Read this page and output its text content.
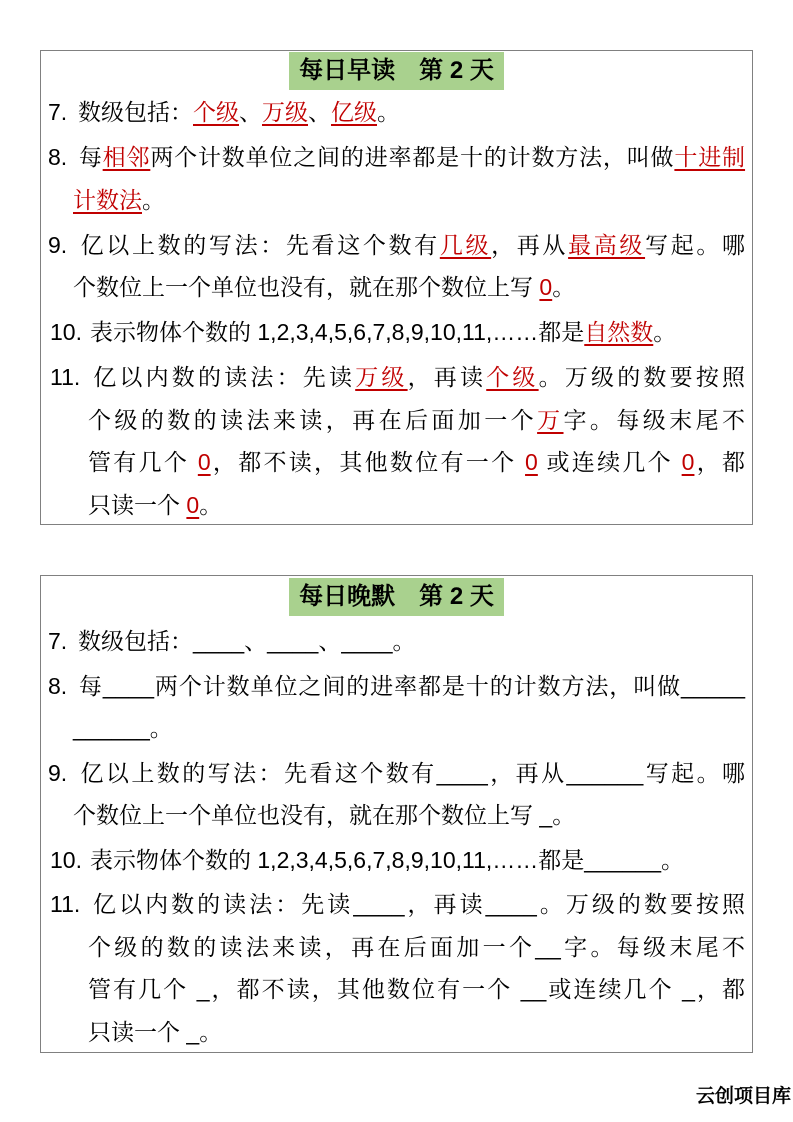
每日早读　第 2 天
7. 数级包括：个级、万级、亿级。
8. 每相邻两个计数单位之间的进率都是十的计数方法，叫做十进制
计数法。
9. 亿以上数的写法：先看这个数有几级，再从最高级写起。哪
个数位上一个单位也没有，就在那个数位上写 0。
10. 表示物体个数的 1,2,3,4,5,6,7,8,9,10,11,……都是自然数。
11. 亿以内数的读法：先读万级，再读个级。万级的数要按照
个级的数的读法来读，再在后面加一个万字。每级末尾不
管有几个 0，都不读，其他数位有一个 0 或连续几个 0，都
只读一个 0。
每日晚默　第 2 天
7. 数级包括：____、____、____。
8. 每____两个计数单位之间的进率都是十的计数方法，叫做_____
______。
9. 亿以上数的写法：先看这个数有____，再从______写起。哪
个数位上一个单位也没有，就在那个数位上写 _。
10. 表示物体个数的 1,2,3,4,5,6,7,8,9,10,11,……都是______。
11. 亿以内数的读法：先读____，再读____。万级的数要按照
个级的数的读法来读，再在后面加一个__字。每级末尾不
管有几个 _，都不读，其他数位有一个 __或连续几个 _，都
只读一个 _。
云创项目库
